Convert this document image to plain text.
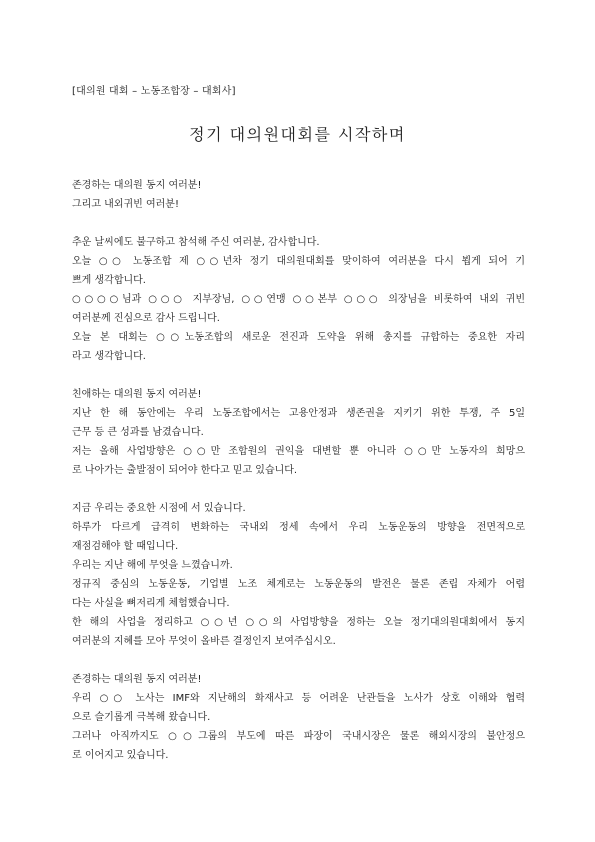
[대의원 대회 – 노동조합장 – 대회사]
정기 대의원대회를 시작하며
존경하는 대의원 동지 여러분!
그리고 내외귀빈 여러분!
추운 날씨에도 불구하고 참석해 주신 여러분, 감사합니다.
오늘 ○○ 노동조합 제 ○○년차 정기 대의원대회를 맞이하여 여러분을 다시 뵙게 되어 기
쁘게 생각합니다.
○○○○님과 ○○○ 지부장님, ○○연맹 ○○본부 ○○○ 의장님을 비롯하여 내외 귀빈
여러분께 진심으로 감사 드립니다.
오늘 본 대회는 ○○노동조합의 새로운 전진과 도약을 위해 총지를 규합하는 중요한 자리
라고 생각합니다.
친애하는 대의원 동지 여러분!
지난 한 해 동안에는 우리 노동조합에서는 고용안정과 생존권을 지키기 위한 투쟁, 주 5일
근무 등 큰 성과를 남겼습니다.
저는 올해 사업방향은 ○○만 조합원의 권익을 대변할 뿐 아니라 ○○만 노동자의 희망으
로 나아가는 출발점이 되어야 한다고 믿고 있습니다.
지금 우리는 중요한 시점에 서 있습니다.
하루가 다르게 급격히 변화하는 국내외 정세 속에서 우리 노동운동의 방향을 전면적으로
재점검해야 할 때입니다.
우리는 지난 해에 무엇을 느꼈습니까.
정규직 중심의 노동운동, 기업별 노조 체계로는 노동운동의 발전은 물론 존립 자체가 어렵
다는 사실을 뼈저리게 체험했습니다.
한 해의 사업을 정리하고 ○○년 ○○의 사업방향을 정하는 오늘 정기대의원대회에서 동지
여러분의 지혜를 모아 무엇이 올바른 결정인지 보여주십시오.
존경하는 대의원 동지 여러분!
우리 ○○ 노사는 IMF와 지난해의 화재사고 등 어려운 난관들을 노사가 상호 이해와 협력
으로 슬기롭게 극복해 왔습니다.
그러나 아직까지도 ○○그룹의 부도에 따른 파장이 국내시장은 물론 해외시장의 불안정으
로 이어지고 있습니다.
